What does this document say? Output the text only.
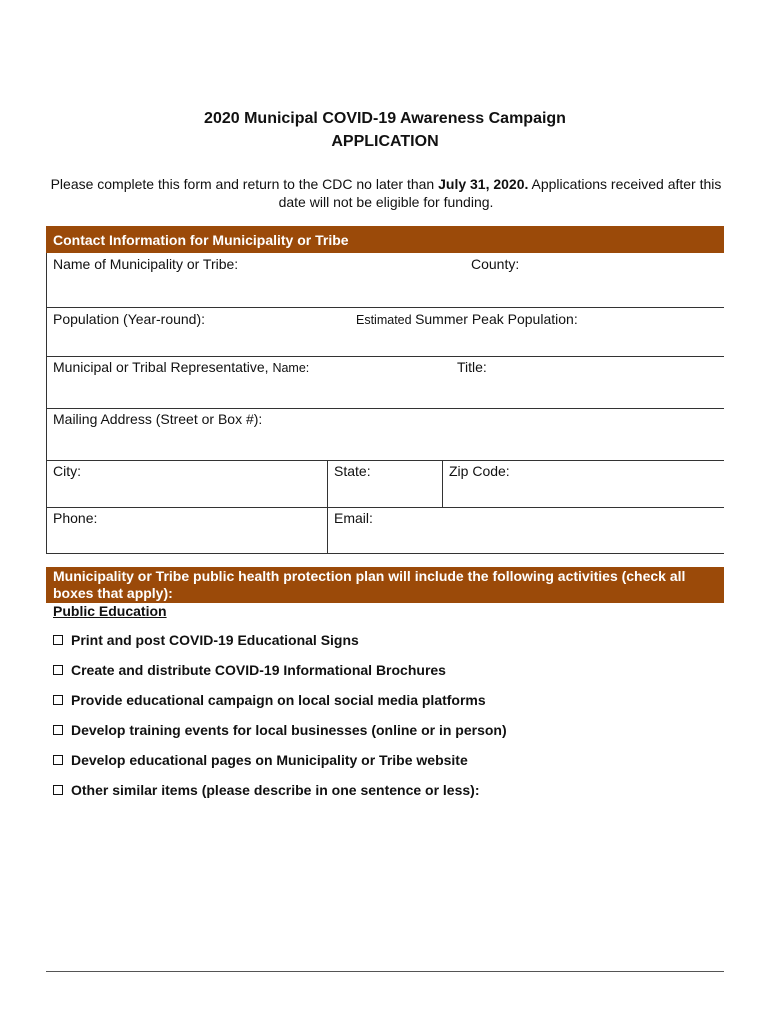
2020 Municipal COVID-19 Awareness Campaign
APPLICATION
Please complete this form and return to the CDC no later than July 31, 2020. Applications received after this date will not be eligible for funding.
Contact Information for Municipality or Tribe
Name of Municipality or Tribe:	County:
Population (Year-round):	Estimated Summer Peak Population:
Municipal or Tribal Representative, Name:	Title:
Mailing Address (Street or Box #):
City:	State:	Zip Code:
Phone:	Email:
Municipality or Tribe public health protection plan will include the following activities (check all boxes that apply):
Public Education
Print and post COVID-19 Educational Signs
Create and distribute COVID-19 Informational Brochures
Provide educational campaign on local social media platforms
Develop training events for local businesses (online or in person)
Develop educational pages on Municipality or Tribe website
Other similar items (please describe in one sentence or less):
